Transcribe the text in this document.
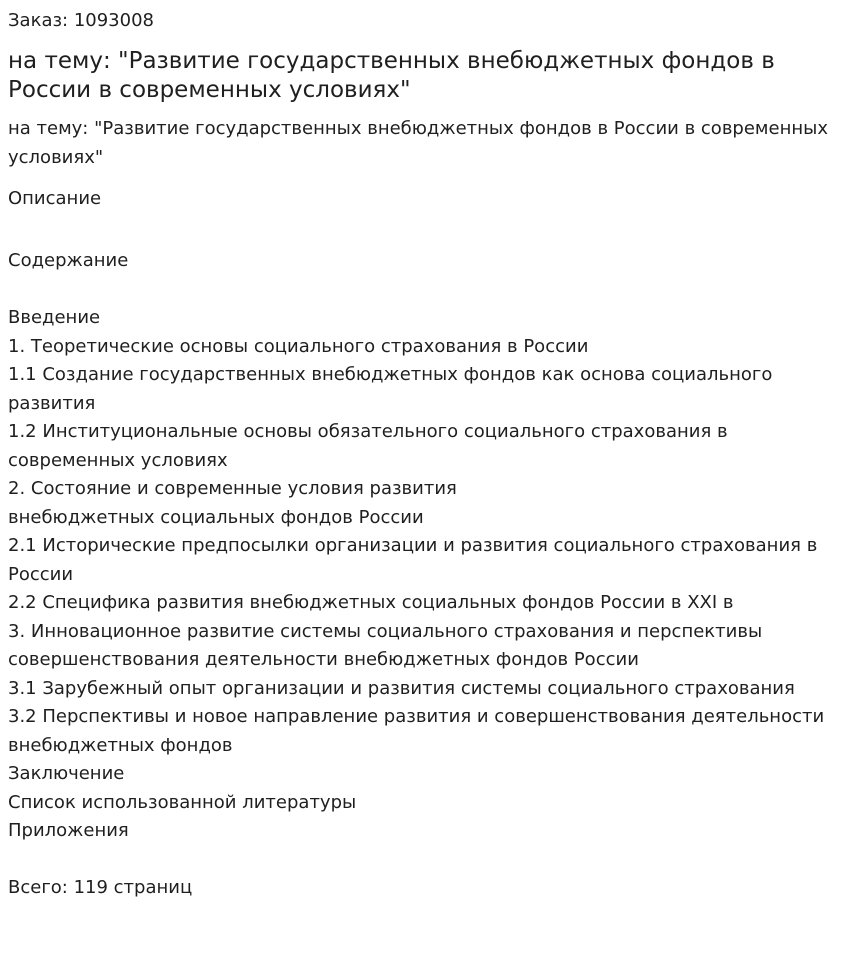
Заказ: 1093008
на тему: "Развитие государственных внебюджетных фондов в России в современных условиях"
на тему: "Развитие государственных внебюджетных фондов в России в современных условиях"
Описание
Содержание
Введение
1. Теоретические основы социального страхования в России
1.1 Создание государственных внебюджетных фондов как основа социального развития
1.2 Институциональные основы обязательного социального страхования в современных условиях
2. Состояние и современные условия развития
внебюджетных социальных фондов России
2.1 Исторические предпосылки организации и развития социального страхования в России
2.2 Специфика развития внебюджетных социальных фондов России в XXI в
3. Инновационное развитие системы социального страхования и перспективы совершенствования деятельности внебюджетных фондов России
3.1 Зарубежный опыт организации и развития системы социального страхования
3.2 Перспективы и новое направление развития и совершенствования деятельности внебюджетных фондов
Заключение
Список использованной литературы
Приложения
Всего: 119 страниц
